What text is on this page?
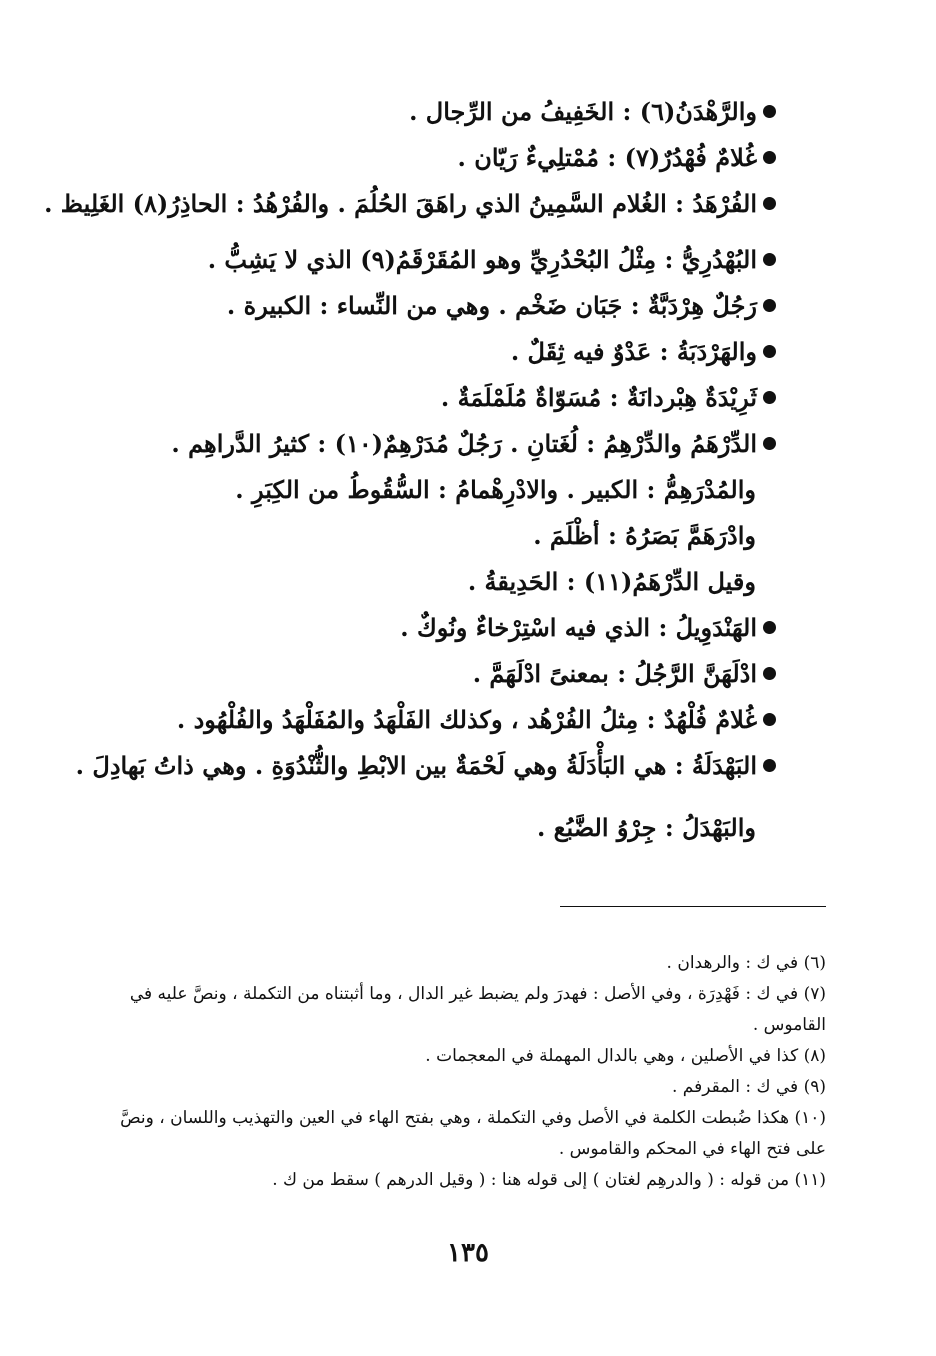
والرَّهْدَنُ(٦) : الخَفِيفُ من الرِّجال .
غُلامٌ فُهْدُرٌ(٧) : مُمْتلِيءٌ رَيّان .
الفُرْهَدُ : الغُلام السَّمِينُ الذي راهَقَ الحُلُمَ . والفُرْهُدُ : الحاذِرُ(٨) الغَلِيظ .
البُهْدُرِيُّ : مِثْلُ البُحْدُرِيِّ وهو المُقَرْقَمُ(٩) الذي لا يَشِبُّ .
رَجُلٌ هِرْدَبَّةٌ : جَبَان ضَخْم . وهي من النِّساء : الكبيرة .
والهَرْدَبَةُ : عَدْوٌ فيه ثِقَلٌ .
ثَرِيْدَةٌ هِبْردانَةٌ : مُسَوّاةٌ مُلَمْلَمَةٌ .
الدِّرْهَمُ والدِّرْهِمُ : لُغَتانِ . رَجُلٌ مُدَرْهِمٌ(١٠) : كثيرُ الدَّراهِم .
والمُدْرَهِمُّ : الكبير . والادْرِهْمامُ : السُّقُوطُ من الكِبَرِ .
وادْرَهَمَّ بَصَرُهُ : أظْلَمَ .
وقيل الدِّرْهَمُ(١١) : الحَدِيقةُ .
الهَنْدَوِيلُ : الذي فيه اسْتِرْخاءٌ ونُوكٌ .
ادْلَهَنَّ الرَّجُلُ : بمعنىً ادْلَهَمَّ .
غُلامٌ فُلْهُدٌ : مِثلُ الفُرْهُد ، وكذلك الفَلْهَدُ والمُفَلْهَدُ والفُلْهُود .
البَهْدَلَةُ : هي البَأْدَلَةُ وهي لَحْمَةٌ بين الابْطِ والثُّنْدُوَةِ . وهي ذاتُ بَهادِلَ .
والبَهْدَلُ : جِرْوُ الضَّبُع .
(٦) في ك : والرهدان .
(٧) في ك : فَهْدِرَة ، وفي الأصل : فهدرَ ولم يضبط غير الدال ، وما أثبتناه من التكملة ، ونصَّ عليه في القاموس .
(٨) كذا في الأصلين ، وهي بالدال المهملة في المعجمات .
(٩) في ك : المقرفم .
(١٠) هكذا ضُبطت الكلمة في الأصل وفي التكملة ، وهي بفتح الهاء في العين والتهذيب واللسان ، ونصَّ على فتح الهاء في المحكم والقاموس .
(١١) من قوله : ( والدرهِم لغتان ) إلى قوله هنا : ( وقيل الدرهم ) سقط من ك .
١٣٥
